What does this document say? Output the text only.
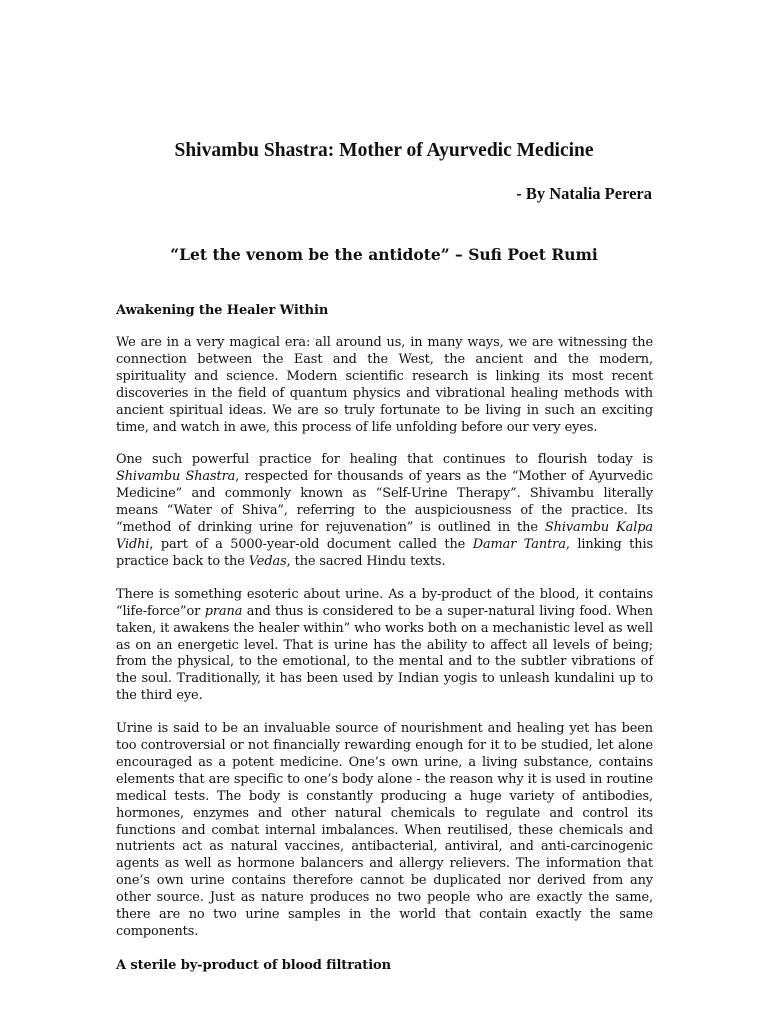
Shivambu Shastra: Mother of Ayurvedic Medicine
- By Natalia Perera

“Let the venom be the antidote” – Sufi Poet Rumi

Awakening the Healer Within

We are in a very magical era: all around us, in many ways, we are witnessing the connection between the East and the West, the ancient and the modern, spirituality and science. Modern scientific research is linking its most recent discoveries in the field of quantum physics and vibrational healing methods with ancient spiritual ideas. We are so truly fortunate to be living in such an exciting time, and watch in awe, this process of life unfolding before our very eyes.

One such powerful practice for healing that continues to flourish today is Shivambu Shastra, respected for thousands of years as the “Mother of Ayurvedic Medicine” and commonly known as “Self-Urine Therapy”. Shivambu literally means “Water of Shiva”, referring to the auspiciousness of the practice. Its “method of drinking urine for rejuvenation” is outlined in the Shivambu Kalpa Vidhi, part of a 5000-year-old document called the Damar Tantra, linking this practice back to the Vedas, the sacred Hindu texts.

There is something esoteric about urine. As a by-product of the blood, it contains “life-force”or prana and thus is considered to be a super-natural living food. When taken, it awakens the healer within” who works both on a mechanistic level as well as on an energetic level. That is urine has the ability to affect all levels of being; from the physical, to the emotional, to the mental and to the subtler vibrations of the soul. Traditionally, it has been used by Indian yogis to unleash kundalini up to the third eye.

Urine is said to be an invaluable source of nourishment and healing yet has been too controversial or not financially rewarding enough for it to be studied, let alone encouraged as a potent medicine. One’s own urine, a living substance, contains elements that are specific to one’s body alone - the reason why it is used in routine medical tests. The body is constantly producing a huge variety of antibodies, hormones, enzymes and other natural chemicals to regulate and control its functions and combat internal imbalances. When reutilised, these chemicals and nutrients act as natural vaccines, antibacterial, antiviral, and anti-carcinogenic agents as well as hormone balancers and allergy relievers. The information that one’s own urine contains therefore cannot be duplicated nor derived from any other source. Just as nature produces no two people who are exactly the same, there are no two urine samples in the world that contain exactly the same components.

A sterile by-product of blood filtration
